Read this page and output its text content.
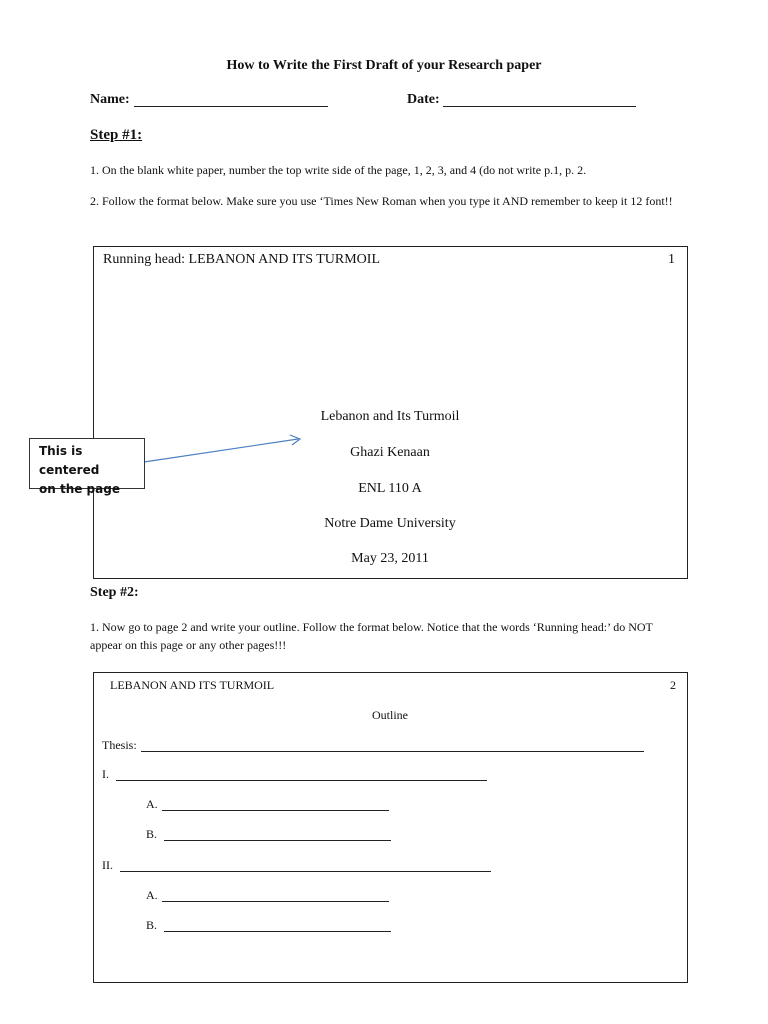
How to Write the First Draft of your Research paper
Name:	Date:
Step #1:
1. On the blank white paper, number the top write side of the page, 1, 2, 3, and 4 (do not write p.1, p. 2.
2. Follow the format below. Make sure you use ‘Times New Roman when you type it AND remember to keep it 12 font!!
Running head: LEBANON AND ITS TURMOIL	1
Lebanon and Its Turmoil
Ghazi Kenaan
ENL 110 A
Notre Dame University
May 23, 2011
This is centered
on the page
Step #2:
1. Now go to page 2 and write your outline. Follow the format below. Notice that the words ‘Running head:’ do NOT appear on this page or any other pages!!!
LEBANON AND ITS TURMOIL	2
Outline
Thesis:
I.
A.
B.
II.
A.
B.
